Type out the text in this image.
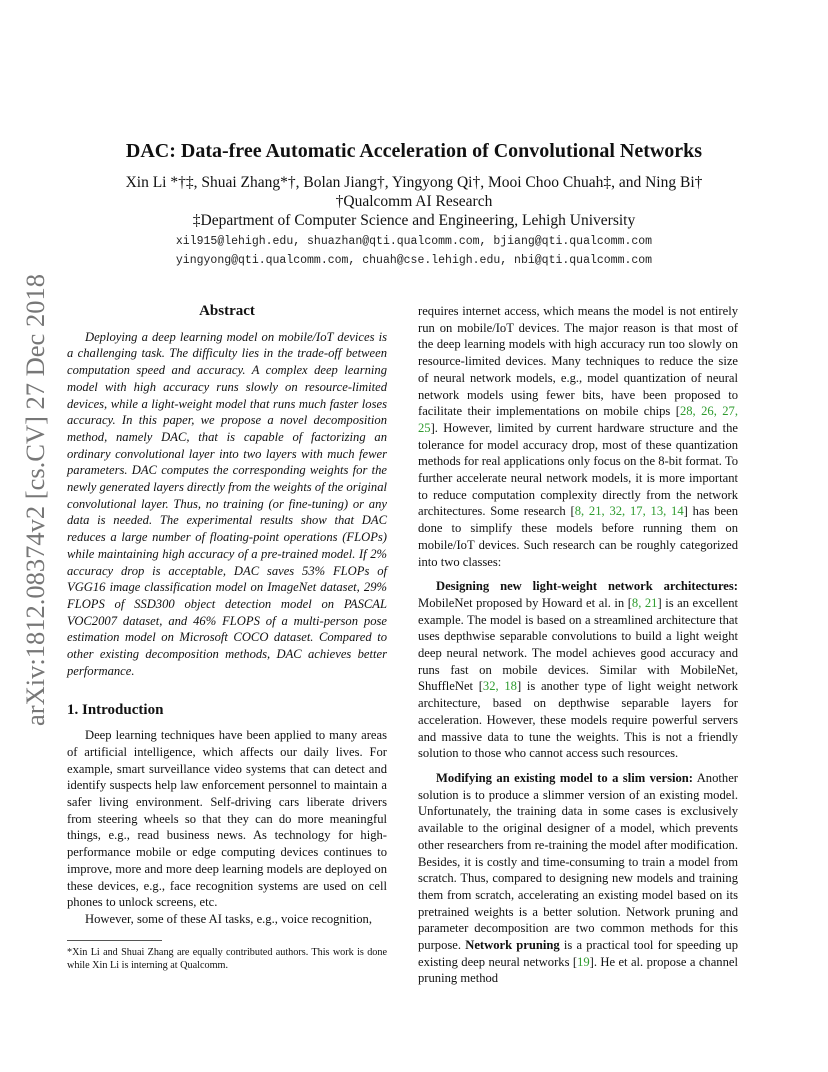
arXiv:1812.08374v2 [cs.CV] 27 Dec 2018
DAC: Data-free Automatic Acceleration of Convolutional Networks
Xin Li *†‡, Shuai Zhang*†, Bolan Jiang†, Yingyong Qi†, Mooi Choo Chuah‡, and Ning Bi†
†Qualcomm AI Research
‡Department of Computer Science and Engineering, Lehigh University
xil915@lehigh.edu, shuazhan@qti.qualcomm.com, bjiang@qti.qualcomm.com
yingyong@qti.qualcomm.com, chuah@cse.lehigh.edu, nbi@qti.qualcomm.com
Abstract

Deploying a deep learning model on mobile/IoT devices is a challenging task. The difficulty lies in the trade-off between computation speed and accuracy. A complex deep learning model with high accuracy runs slowly on resource-limited devices, while a light-weight model that runs much faster loses accuracy. In this paper, we propose a novel decomposition method, namely DAC, that is capable of factorizing an ordinary convolutional layer into two layers with much fewer parameters. DAC computes the corresponding weights for the newly generated layers directly from the weights of the original convolutional layer. Thus, no training (or fine-tuning) or any data is needed. The experimental results show that DAC reduces a large number of floating-point operations (FLOPs) while maintaining high accuracy of a pre-trained model. If 2% accuracy drop is acceptable, DAC saves 53% FLOPs of VGG16 image classification model on ImageNet dataset, 29% FLOPS of SSD300 object detection model on PASCAL VOC2007 dataset, and 46% FLOPS of a multi-person pose estimation model on Microsoft COCO dataset. Compared to other existing decomposition methods, DAC achieves better performance.

1. Introduction

Deep learning techniques have been applied to many areas of artificial intelligence, which affects our daily lives. For example, smart surveillance video systems that can detect and identify suspects help law enforcement personnel to maintain a safer living environment. Self-driving cars liberate drivers from steering wheels so that they can do more meaningful things, e.g., read business news. As technology for high-performance mobile or edge computing devices continues to improve, more and more deep learning models are deployed on these devices, e.g., face recognition systems are used on cell phones to unlock screens, etc.

However, some of these AI tasks, e.g., voice recognition,

*Xin Li and Shuai Zhang are equally contributed authors. This work is done while Xin Li is interning at Qualcomm.

requires internet access, which means the model is not entirely run on mobile/IoT devices. The major reason is that most of the deep learning models with high accuracy run too slowly on resource-limited devices. Many techniques to reduce the size of neural network models, e.g., model quantization of neural network models using fewer bits, have been proposed to facilitate their implementations on mobile chips [28, 26, 27, 25]. However, limited by current hardware structure and the tolerance for model accuracy drop, most of these quantization methods for real applications only focus on the 8-bit format. To further accelerate neural network models, it is more important to reduce computation complexity directly from the network architectures. Some research [8, 21, 32, 17, 13, 14] has been done to simplify these models before running them on mobile/IoT devices. Such research can be roughly categorized into two classes:

Designing new light-weight network architectures: MobileNet proposed by Howard et al. in [8, 21] is an excellent example. The model is based on a streamlined architecture that uses depthwise separable convolutions to build a light weight deep neural network. The model achieves good accuracy and runs fast on mobile devices. Similar with MobileNet, ShuffleNet [32, 18] is another type of light weight network architecture, based on depthwise separable layers for acceleration. However, these models require powerful servers and massive data to tune the weights. This is not a friendly solution to those who cannot access such resources.

Modifying an existing model to a slim version: Another solution is to produce a slimmer version of an existing model. Unfortunately, the training data in some cases is exclusively available to the original designer of a model, which prevents other researchers from re-training the model after modification. Besides, it is costly and time-consuming to train a model from scratch. Thus, compared to designing new models and training them from scratch, accelerating an existing model based on its pretrained weights is a better solution. Network pruning and parameter decomposition are two common methods for this purpose. Network pruning is a practical tool for speeding up existing deep neural networks [19]. He et al. propose a channel pruning method
